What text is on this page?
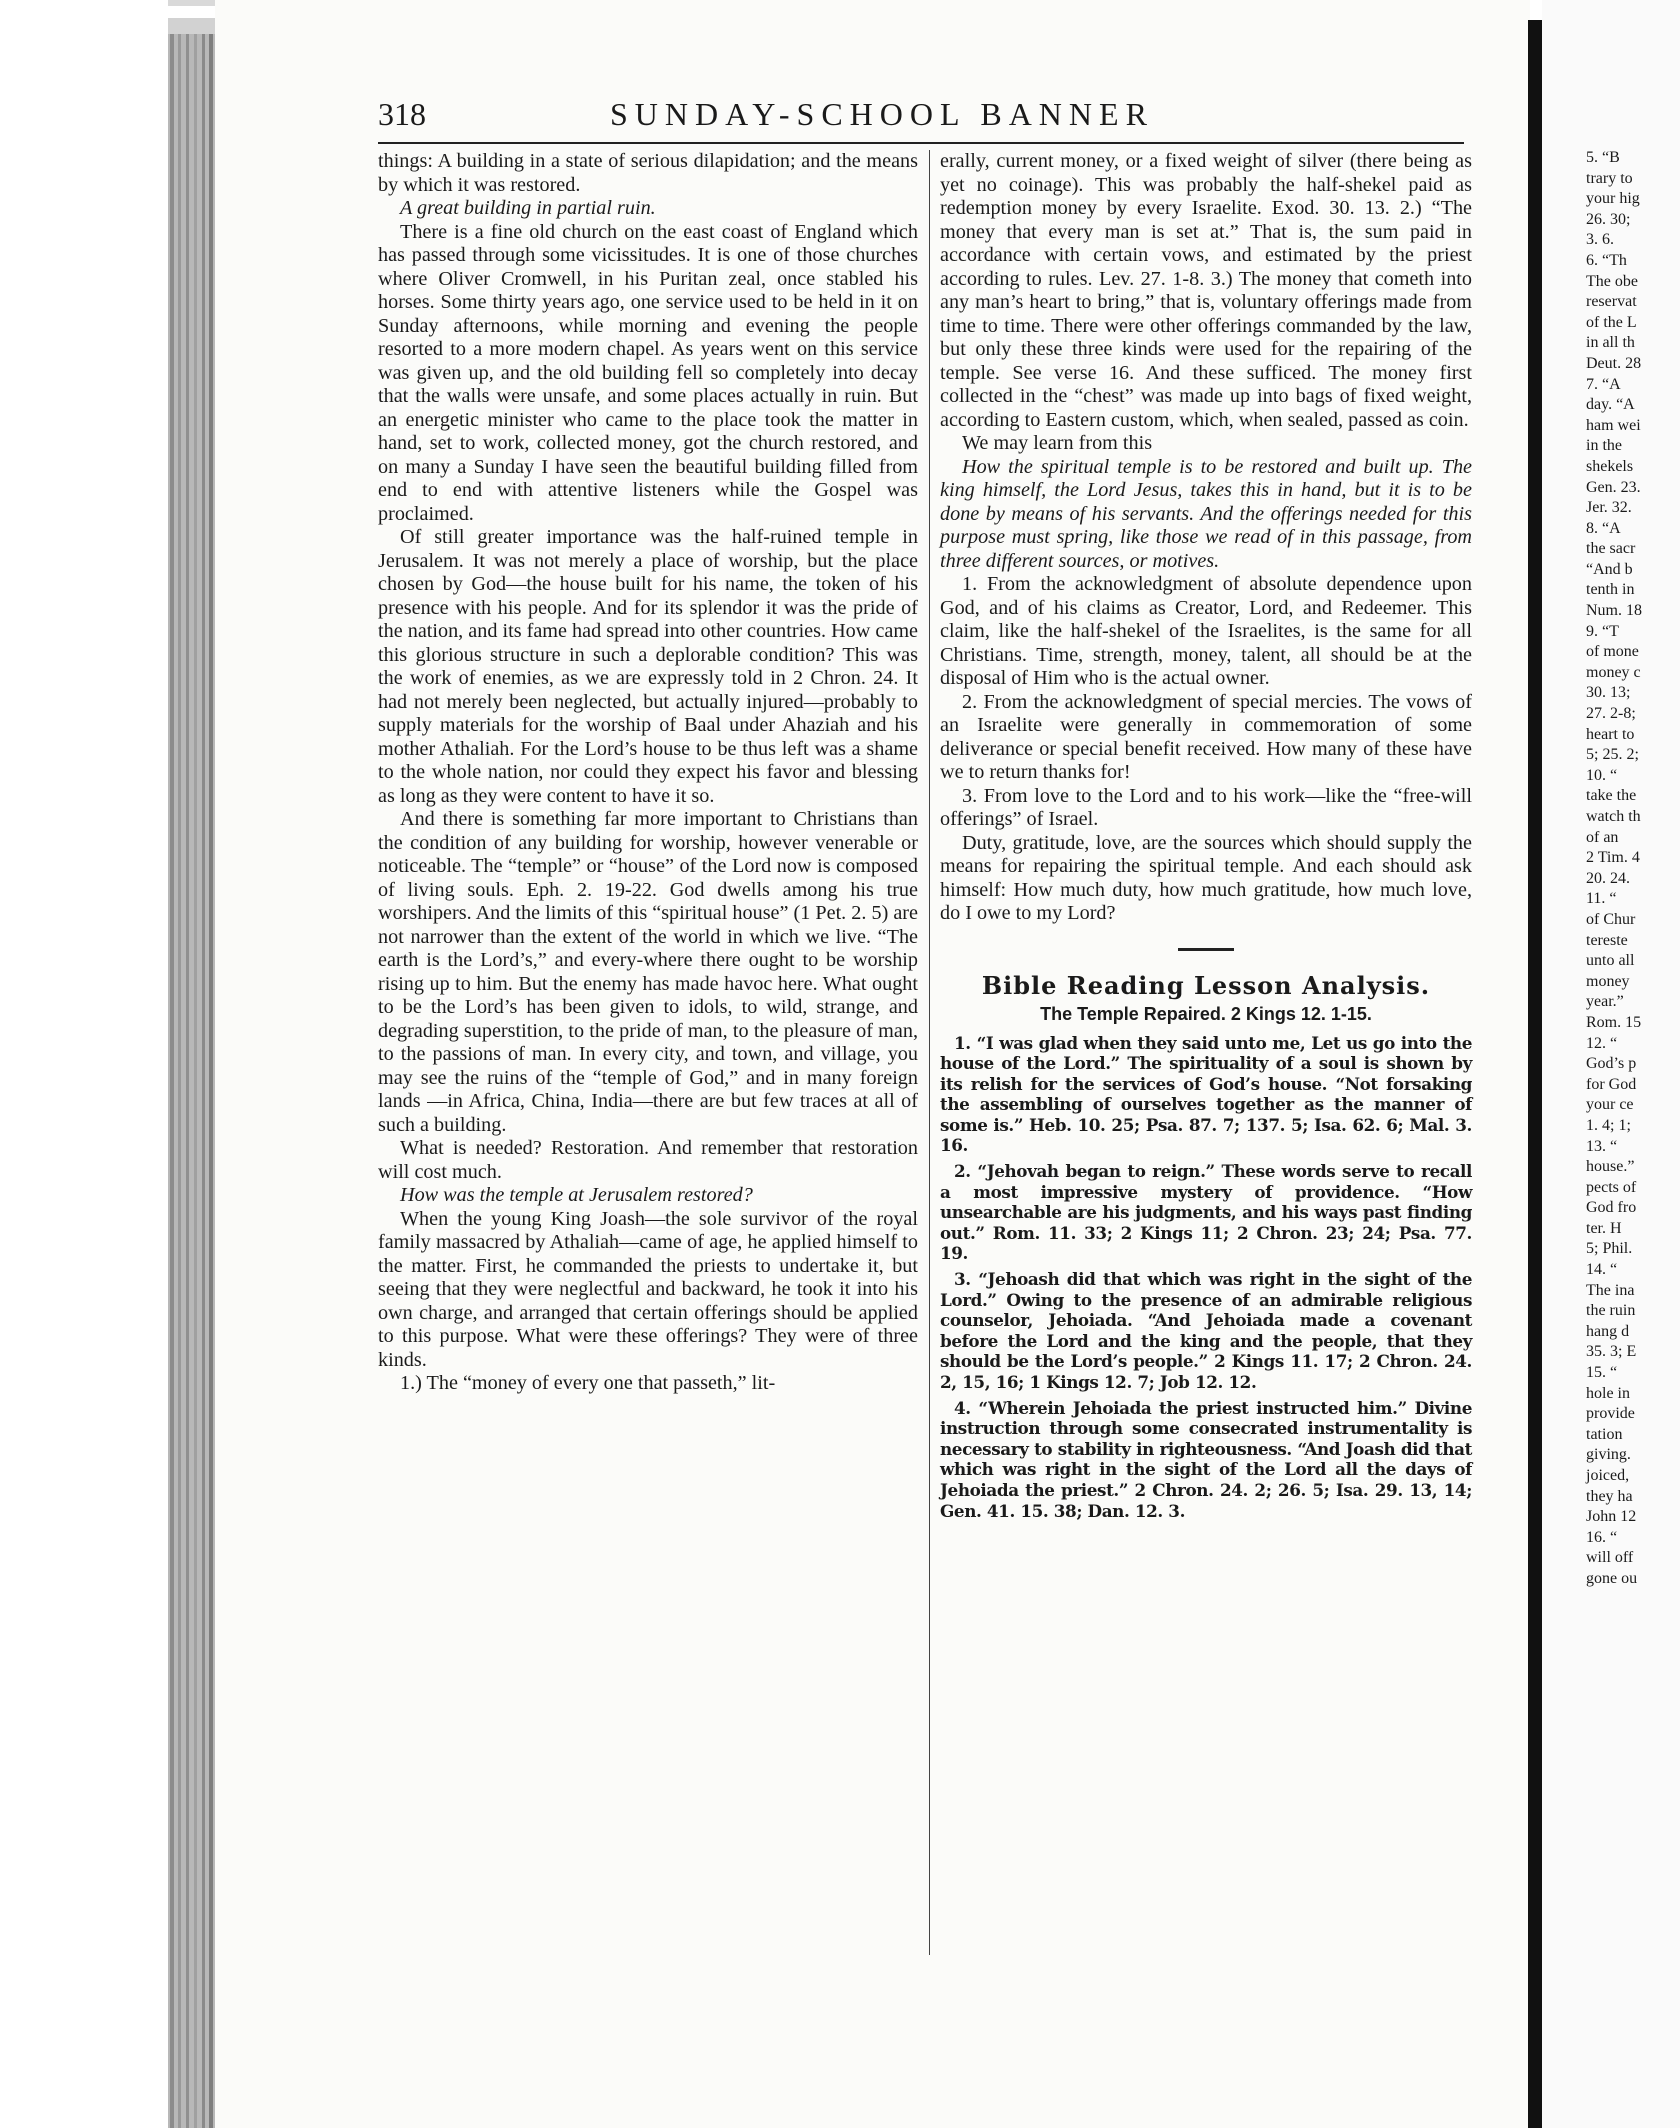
318	SUNDAY-SCHOOL BANNER

things: A building in a state of serious dilapidation; and the means by which it was restored.

A great building in partial ruin.

There is a fine old church on the east coast of England which has passed through some vicissitudes. It is one of those churches where Oliver Cromwell, in his Puritan zeal, once stabled his horses. Some thirty years ago, one service used to be held in it on Sunday afternoons, while morning and evening the people resorted to a more modern chapel. As years went on this service was given up, and the old building fell so completely into decay that the walls were unsafe, and some places actually in ruin. But an energetic minister who came to the place took the matter in hand, set to work, collected money, got the church restored, and on many a Sunday I have seen the beautiful building filled from end to end with attentive listeners while the Gospel was proclaimed.

Of still greater importance was the half-ruined temple in Jerusalem. It was not merely a place of worship, but the place chosen by God—the house built for his name, the token of his presence with his people. And for its splendor it was the pride of the nation, and its fame had spread into other countries. How came this glorious structure in such a deplorable condition? This was the work of enemies, as we are expressly told in 2 Chron. 24. It had not merely been neglected, but actually injured—probably to supply materials for the worship of Baal under Ahaziah and his mother Athaliah. For the Lord’s house to be thus left was a shame to the whole nation, nor could they expect his favor and blessing as long as they were content to have it so.

And there is something far more important to Christians than the condition of any building for worship, however venerable or noticeable. The “temple” or “house” of the Lord now is composed of living souls. Eph. 2. 19-22. God dwells among his true worshipers. And the limits of this “spiritual house” (1 Pet. 2. 5) are not narrower than the extent of the world in which we live. “The earth is the Lord’s,” and every-where there ought to be worship rising up to him. But the enemy has made havoc here. What ought to be the Lord’s has been given to idols, to wild, strange, and degrading superstition, to the pride of man, to the pleasure of man, to the passions of man. In every city, and town, and village, you may see the ruins of the “temple of God,” and in many foreign lands —in Africa, China, India—there are but few traces at all of such a building.

What is needed? Restoration. And remember that restoration will cost much.

How was the temple at Jerusalem restored?

When the young King Joash—the sole survivor of the royal family massacred by Athaliah—came of age, he applied himself to the matter. First, he commanded the priests to undertake it, but seeing that they were neglectful and backward, he took it into his own charge, and arranged that certain offerings should be applied to this purpose. What were these offerings? They were of three kinds.

1.) The “money of every one that passeth,” lit-

erally, current money, or a fixed weight of silver (there being as yet no coinage). This was probably the half-shekel paid as redemption money by every Israelite. Exod. 30. 13. 2.) “The money that every man is set at.” That is, the sum paid in accordance with certain vows, and estimated by the priest according to rules. Lev. 27. 1-8. 3.) The money that cometh into any man’s heart to bring,” that is, voluntary offerings made from time to time. There were other offerings commanded by the law, but only these three kinds were used for the repairing of the temple. See verse 16. And these sufficed. The money first collected in the “chest” was made up into bags of fixed weight, according to Eastern custom, which, when sealed, passed as coin.

We may learn from this

How the spiritual temple is to be restored and built up. The king himself, the Lord Jesus, takes this in hand, but it is to be done by means of his servants. And the offerings needed for this purpose must spring, like those we read of in this passage, from three different sources, or motives.

1. From the acknowledgment of absolute dependence upon God, and of his claims as Creator, Lord, and Redeemer. This claim, like the half-shekel of the Israelites, is the same for all Christians. Time, strength, money, talent, all should be at the disposal of Him who is the actual owner.

2. From the acknowledgment of special mercies. The vows of an Israelite were generally in commemoration of some deliverance or special benefit received. How many of these have we to return thanks for!

3. From love to the Lord and to his work—like the “free-will offerings” of Israel.

Duty, gratitude, love, are the sources which should supply the means for repairing the spiritual temple. And each should ask himself: How much duty, how much gratitude, how much love, do I owe to my Lord?

Bible Reading Lesson Analysis.
The Temple Repaired. 2 Kings 12. 1-15.

1. “I was glad when they said unto me, Let us go into the house of the Lord.” The spirituality of a soul is shown by its relish for the services of God’s house. “Not forsaking the assembling of ourselves together as the manner of some is.” Heb. 10. 25; Psa. 87. 7; 137. 5; Isa. 62. 6; Mal. 3. 16.

2. “Jehovah began to reign.” These words serve to recall a most impressive mystery of providence. “How unsearchable are his judgments, and his ways past finding out.” Rom. 11. 33; 2 Kings 11; 2 Chron. 23; 24; Psa. 77. 19.

3. “Jehoash did that which was right in the sight of the Lord.” Owing to the presence of an admirable religious counselor, Jehoiada. “And Jehoiada made a covenant before the Lord and the king and the people, that they should be the Lord’s people.” 2 Kings 11. 17; 2 Chron. 24. 2, 15, 16; 1 Kings 12. 7; Job 12. 12.

4. “Wherein Jehoiada the priest instructed him.” Divine instruction through some consecrated instrumentality is necessary to stability in righteousness. “And Joash did that which was right in the sight of the Lord all the days of Jehoiada the priest.” 2 Chron. 24. 2; 26. 5; Isa. 29. 13, 14; Gen. 41. 15. 38; Dan. 12. 3.

5. “B

trary to

your hig

26. 30;

3. 6.

6. “Th

The obe

reservat

of the L

in all th

Deut. 28

7. “A

day. “A

ham wei

in the

shekels

Gen. 23.

Jer. 32.

8. “A

the sacr

“And b

tenth in

Num. 18

9. “T

of mone

money c

30. 13;

27. 2-8;

heart to

5; 25. 2;

10. “

take the

watch th

of an

2 Tim. 4

20. 24.

11. “

of Chur

tereste

unto all

money

year.”

Rom. 15

12. “

God’s p

for God

your ce

1. 4; 1;

13. “

house.”

pects of

God fro

ter. H

5; Phil.

14. “

The ina

the ruin

hang d

35. 3; E

15. “

hole in

provide

tation

giving.

joiced,

they ha

John 12

16. “

will off

gone ou
